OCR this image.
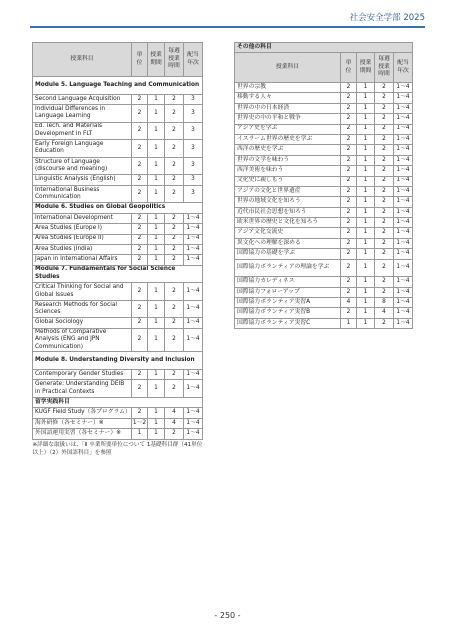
社会安全学部 2025
授業科目	単位	授業期間	毎週授業時間	配当年次
Module 5. Language Teaching and Communication				
Second Language Acquisition	2	1	2	3
Individual Differences in Language Learning	2	1	2	3
Ed. Tech. and Materials Development in FLT	2	1	2	3
Early Foreign Language Education	2	1	2	3
Structure of Language (discourse and meaning)	2	1	2	3
Linguistic Analysis (English)	2	1	2	3
International Business Communication	2	1	2	3
Module 6. Studies on Global Geopolitics				
International Development	2	1	2	1～4
Area Studies (Europe I)	2	1	2	1～4
Area Studies (Europe II)	2	1	2	1～4
Area Studies (India)	2	1	2	1～4
Japan in International Affairs	2	1	2	1～4
Module 7. Fundamentals for Social Science Studies				
Critical Thinking for Social and Global Issues	2	1	2	1～4
Research Methods for Social Sciences	2	1	2	1～4
Global Sociology	2	1	2	1～4
Methods of Comparative Analysis (ENG and JPN Communication)	2	1	2	1～4
Module 8. Understanding Diversity and Inclusion				
Contemporary Gender Studies	2	1	2	1～4
Generate: Understanding DEIB in Practical Contexts	2	1	2	1～4
留学実践科目				
KUGF Field Study（各プログラム）	2	1	4	1～4
海外研修（各セミナー）※	1～2	1	4	1～4
外国語運用実習（各セミナー）※	1	1	2	1～4
※詳細な取扱いは、「Ⅱ 卒業所要単位について 1基礎科目群（41単位以上）（2）外国語科目」を参照				
その他の科目				
授業科目	単位	授業期間	毎週授業時間	配当年次
世界の宗教	2	1	2	1～4
移動する人々	2	1	2	1～4
世界の中の日本経済	2	1	2	1～4
世界史の中の平和と戦争	2	1	2	1～4
アジア史を学ぶ	2	1	2	1～4
イスラーム世界の歴史を学ぶ	2	1	2	1～4
西洋の歴史を学ぶ	2	1	2	1～4
世界の文学を味わう	2	1	2	1～4
西洋美術を味わう	2	1	2	1～4
文化史に親しもう	2	1	2	1～4
アジアの文化と世界遺産	2	1	2	1～4
世界の地域文化を知ろう	2	1	2	1～4
近代市民社会思想を知ろう	2	1	2	1～4
欧米世界の歴史と文化を知ろう	2	1	2	1～4
アジア文化交流史	2	1	2	1～4
異文化への理解を深める	2	1	2	1～4
国際協力の基礎を学ぶ	2	1	2	1～4
国際協力ボランティアの理論を学ぶ	2	1	2	1～4
国際協力カレディネス	2	1	2	1～4
国際協力フォローアップ	2	1	2	1～4
国際協力ボランティア実習A	4	1	8	1～4
国際協力ボランティア実習B	2	1	4	1～4
国際協力ボランティア実習C	1	1	2	1～4
- 250 -
